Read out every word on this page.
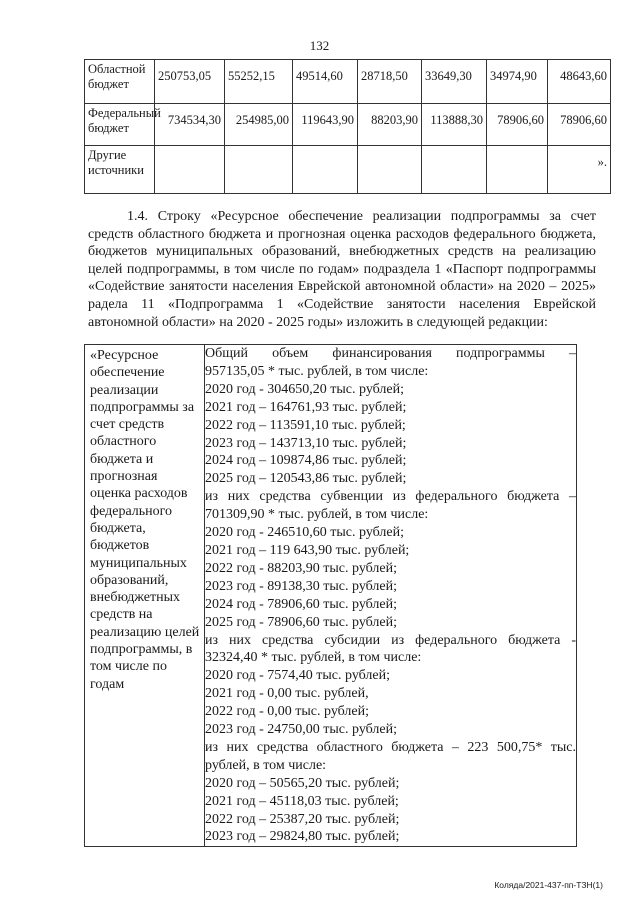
132
Областной бюджет	250753,05	55252,15	49514,60	28718,50	33649,30	34974,90	48643,60
Федеральный бюджет	734534,30	254985,00	119643,90	88203,90	113888,30	78906,60	78906,60
Другие источники							».
1.4. Строку «Ресурсное обеспечение реализации подпрограммы за счет средств областного бюджета и прогнозная оценка расходов федерального бюджета, бюджетов муниципальных образований, внебюджетных средств на реализацию целей подпрограммы, в том числе по годам» подраздела 1 «Паспорт подпрограммы «Содействие занятости населения Еврейской автономной области» на 2020 – 2025» радела 11 «Подпрограмма 1 «Содействие занятости населения Еврейской автономной области» на 2020 - 2025 годы» изложить в следующей редакции:
«Ресурсное обеспечение реализации подпрограммы за счет средств областного бюджета и прогнозная оценка расходов федерального бюджета, бюджетов муниципальных образований, внебюджетных средств на реализацию целей подпрограммы, в том числе по годам

Общий объем финансирования подпрограммы –
957135,05 * тыс. рублей, в том числе:
2020 год - 304650,20 тыс. рублей;
2021 год – 164761,93 тыс. рублей;
2022 год – 113591,10 тыс. рублей;
2023 год – 143713,10 тыс. рублей;
2024 год – 109874,86 тыс. рублей;
2025 год – 120543,86 тыс. рублей;
из них средства субвенции из федерального бюджета –
701309,90 * тыс. рублей, в том числе:
2020 год - 246510,60 тыс. рублей;
2021 год – 119 643,90 тыс. рублей;
2022 год - 88203,90 тыс. рублей;
2023 год - 89138,30 тыс. рублей;
2024 год - 78906,60 тыс. рублей;
2025 год - 78906,60 тыс. рублей;
из них средства субсидии из федерального бюджета -
32324,40 * тыс. рублей, в том числе:
2020 год - 7574,40 тыс. рублей;
2021 год - 0,00 тыс. рублей,
2022 год - 0,00 тыс. рублей;
2023 год - 24750,00 тыс. рублей;
из них средства областного бюджета – 223 500,75* тыс.
рублей, в том числе:
2020 год – 50565,20 тыс. рублей;
2021 год – 45118,03 тыс. рублей;
2022 год – 25387,20 тыс. рублей;
2023 год – 29824,80 тыс. рублей;
Коляда/2021-437-пп-ТЗН(1)
